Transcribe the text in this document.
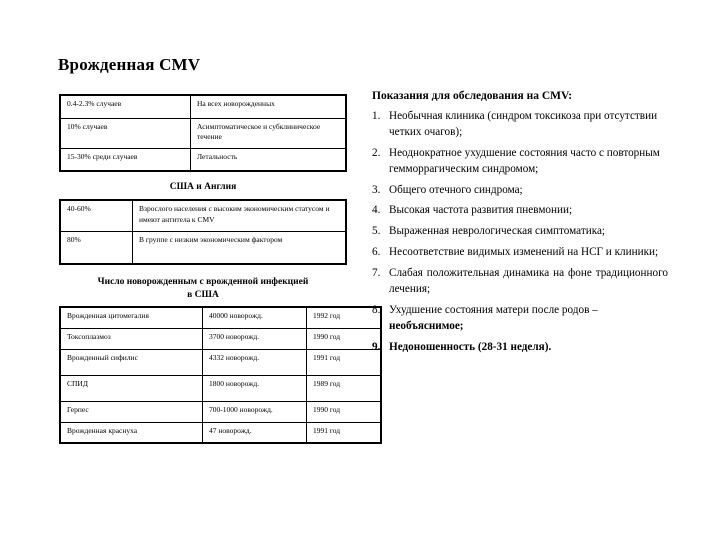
Врожденная CMV
0.4-2.3% случаев	На всех новорожденных
10% случаев	Асимптоматическое и субклиническое течение
15-30% среди случаев	Летальность
США и Англия
40-60%	Взрослого населения с высоким экономическим статусом и имеют антитела к CMV
80%	В группе с низким экономическим фактором
Число новорожденным с врожденной инфекцией
в США
Врожденная цитомегалия	40000 новорожд.	1992 год
Токсоплазмоз	3700 новорожд.	1990 год
Врожденный сифилис	4332 новорожд.	1991 год
СПИД	1800 новорожд.	1989 год
Герпес	700-1000 новорожд.	1990 год
Врожденная краснуха	47 новорожд.	1991 год
Показания для обследования на CMV:
1. Необычная клиника (синдром токсикоза при отсутствии четких очагов);
2. Неоднократное ухудшение состояния часто с повторным гемморрагическим синдромом;
3. Общего отечного синдрома;
4. Высокая частота развития пневмонии;
5. Выраженная неврологическая симптоматика;
6. Несоответствие видимых изменений на НСГ и клиники;
7. Слабая положительная динамика на фоне традиционного лечения;
8. Ухудшение состояния матери после родов – необъяснимое;
9. Недоношенность (28-31 неделя).
